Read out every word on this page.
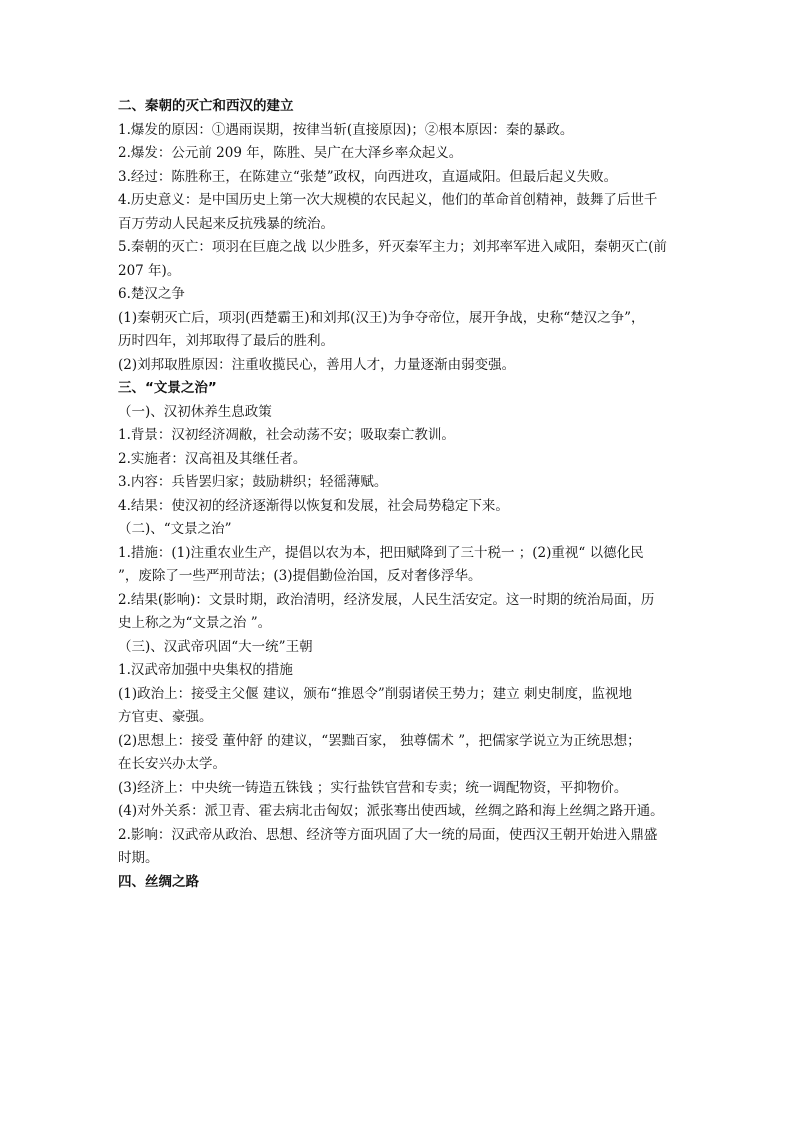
二、秦朝的灭亡和西汉的建立
1.爆发的原因：①遇雨误期，按律当斩(直接原因)；②根本原因：秦的暴政。
2.爆发：公元前 209 年，陈胜、吴广在大泽乡率众起义。
3.经过：陈胜称王，在陈建立“张楚”政权，向西进攻，直逼咸阳。但最后起义失败。
4.历史意义：是中国历史上第一次大规模的农民起义，他们的革命首创精神，鼓舞了后世千
百万劳动人民起来反抗残暴的统治。
5.秦朝的灭亡：项羽在巨鹿之战 以少胜多，歼灭秦军主力；刘邦率军进入咸阳，秦朝灭亡(前
207 年)。
6.楚汉之争
(1)秦朝灭亡后，项羽(西楚霸王)和刘邦(汉王)为争夺帝位，展开争战，史称“楚汉之争”，
历时四年，刘邦取得了最后的胜利。
(2)刘邦取胜原因：注重收揽民心，善用人才，力量逐渐由弱变强。
三、“文景之治”
（一)、汉初休养生息政策
1.背景：汉初经济凋敝，社会动荡不安；吸取秦亡教训。
2.实施者：汉高祖及其继任者。
3.内容：兵皆罢归家；鼓励耕织；轻徭薄赋。
4.结果：使汉初的经济逐渐得以恢复和发展，社会局势稳定下来。
（二)、“文景之治”
1.措施：(1)注重农业生产，提倡以农为本，把田赋降到了三十税一 ；(2)重视“ 以德化民
”，废除了一些严刑苛法；(3)提倡勤俭治国，反对奢侈浮华。
2.结果(影响)：文景时期，政治清明，经济发展，人民生活安定。这一时期的统治局面，历
史上称之为“文景之治 ”。
（三)、汉武帝巩固“大一统”王朝
1.汉武帝加强中央集权的措施
(1)政治上：接受主父偃 建议，颁布“推恩令”削弱诸侯王势力；建立 刺史制度，监视地
方官吏、豪强。
(2)思想上：接受 董仲舒 的建议，“罢黜百家， 独尊儒术 ”，把儒家学说立为正统思想；
在长安兴办太学。
(3)经济上：中央统一铸造五铢钱 ；实行盐铁官营和专卖；统一调配物资，平抑物价。
(4)对外关系：派卫青、霍去病北击匈奴；派张骞出使西域，丝绸之路和海上丝绸之路开通。
2.影响：汉武帝从政治、思想、经济等方面巩固了大一统的局面，使西汉王朝开始进入鼎盛
时期。
四、丝绸之路
